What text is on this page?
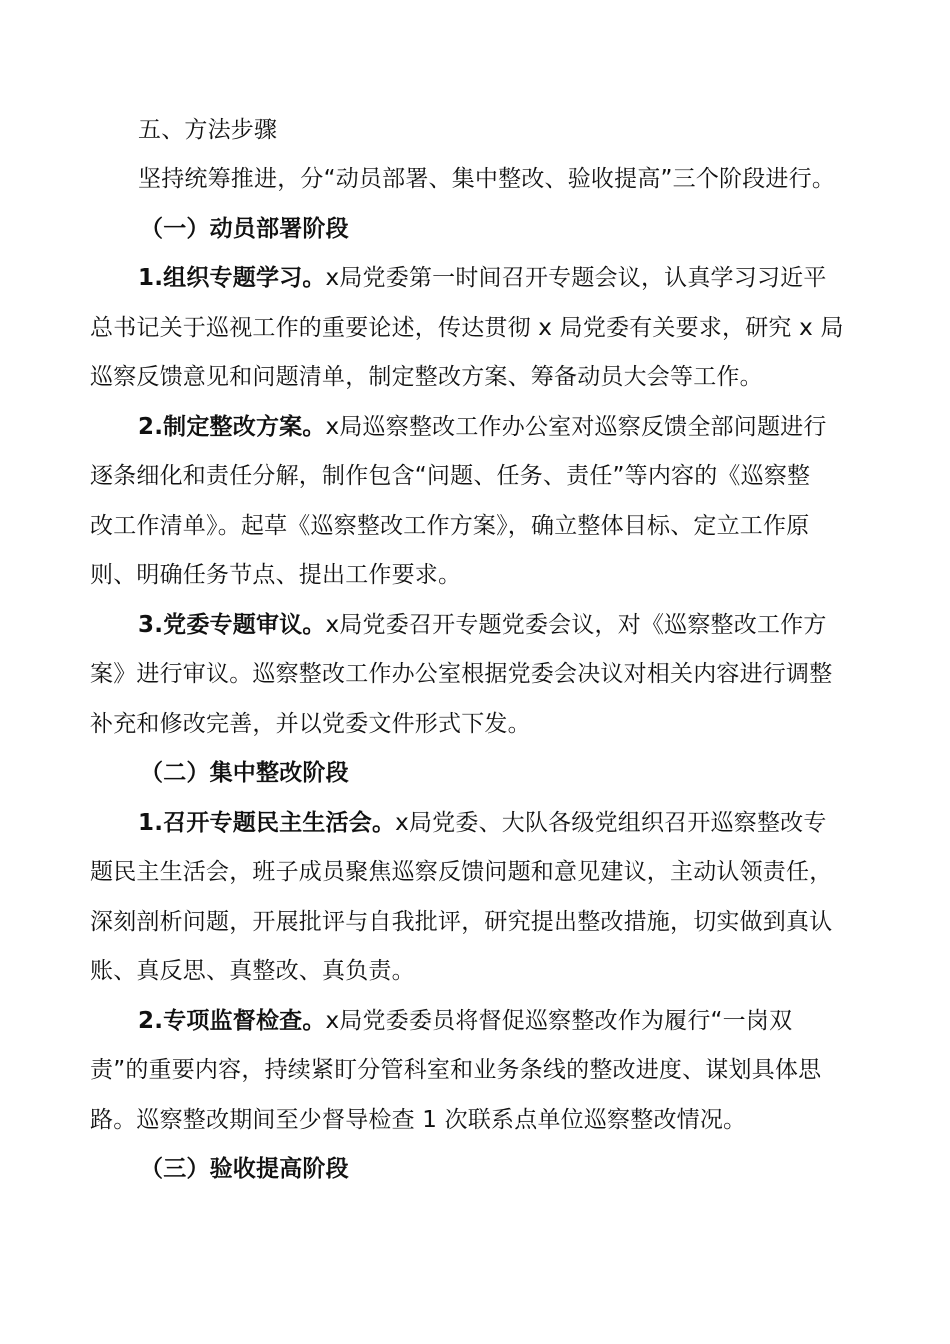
五、方法步骤
坚持统筹推进，分“动员部署、集中整改、验收提高”三个阶段进行。
（一）动员部署阶段
1.组织专题学习。x局党委第一时间召开专题会议，认真学习习近平
总书记关于巡视工作的重要论述，传达贯彻 x 局党委有关要求，研究 x 局
巡察反馈意见和问题清单，制定整改方案、筹备动员大会等工作。
2.制定整改方案。x局巡察整改工作办公室对巡察反馈全部问题进行
逐条细化和责任分解，制作包含“问题、任务、责任”等内容的《巡察整
改工作清单》。起草《巡察整改工作方案》，确立整体目标、定立工作原
则、明确任务节点、提出工作要求。
3.党委专题审议。x局党委召开专题党委会议，对《巡察整改工作方
案》进行审议。巡察整改工作办公室根据党委会决议对相关内容进行调整
补充和修改完善，并以党委文件形式下发。
（二）集中整改阶段
1.召开专题民主生活会。x局党委、大队各级党组织召开巡察整改专
题民主生活会，班子成员聚焦巡察反馈问题和意见建议，主动认领责任，
深刻剖析问题，开展批评与自我批评，研究提出整改措施，切实做到真认
账、真反思、真整改、真负责。
2.专项监督检查。x局党委委员将督促巡察整改作为履行“一岗双
责”的重要内容，持续紧盯分管科室和业务条线的整改进度、谋划具体思
路。巡察整改期间至少督导检查 1 次联系点单位巡察整改情况。
（三）验收提高阶段
